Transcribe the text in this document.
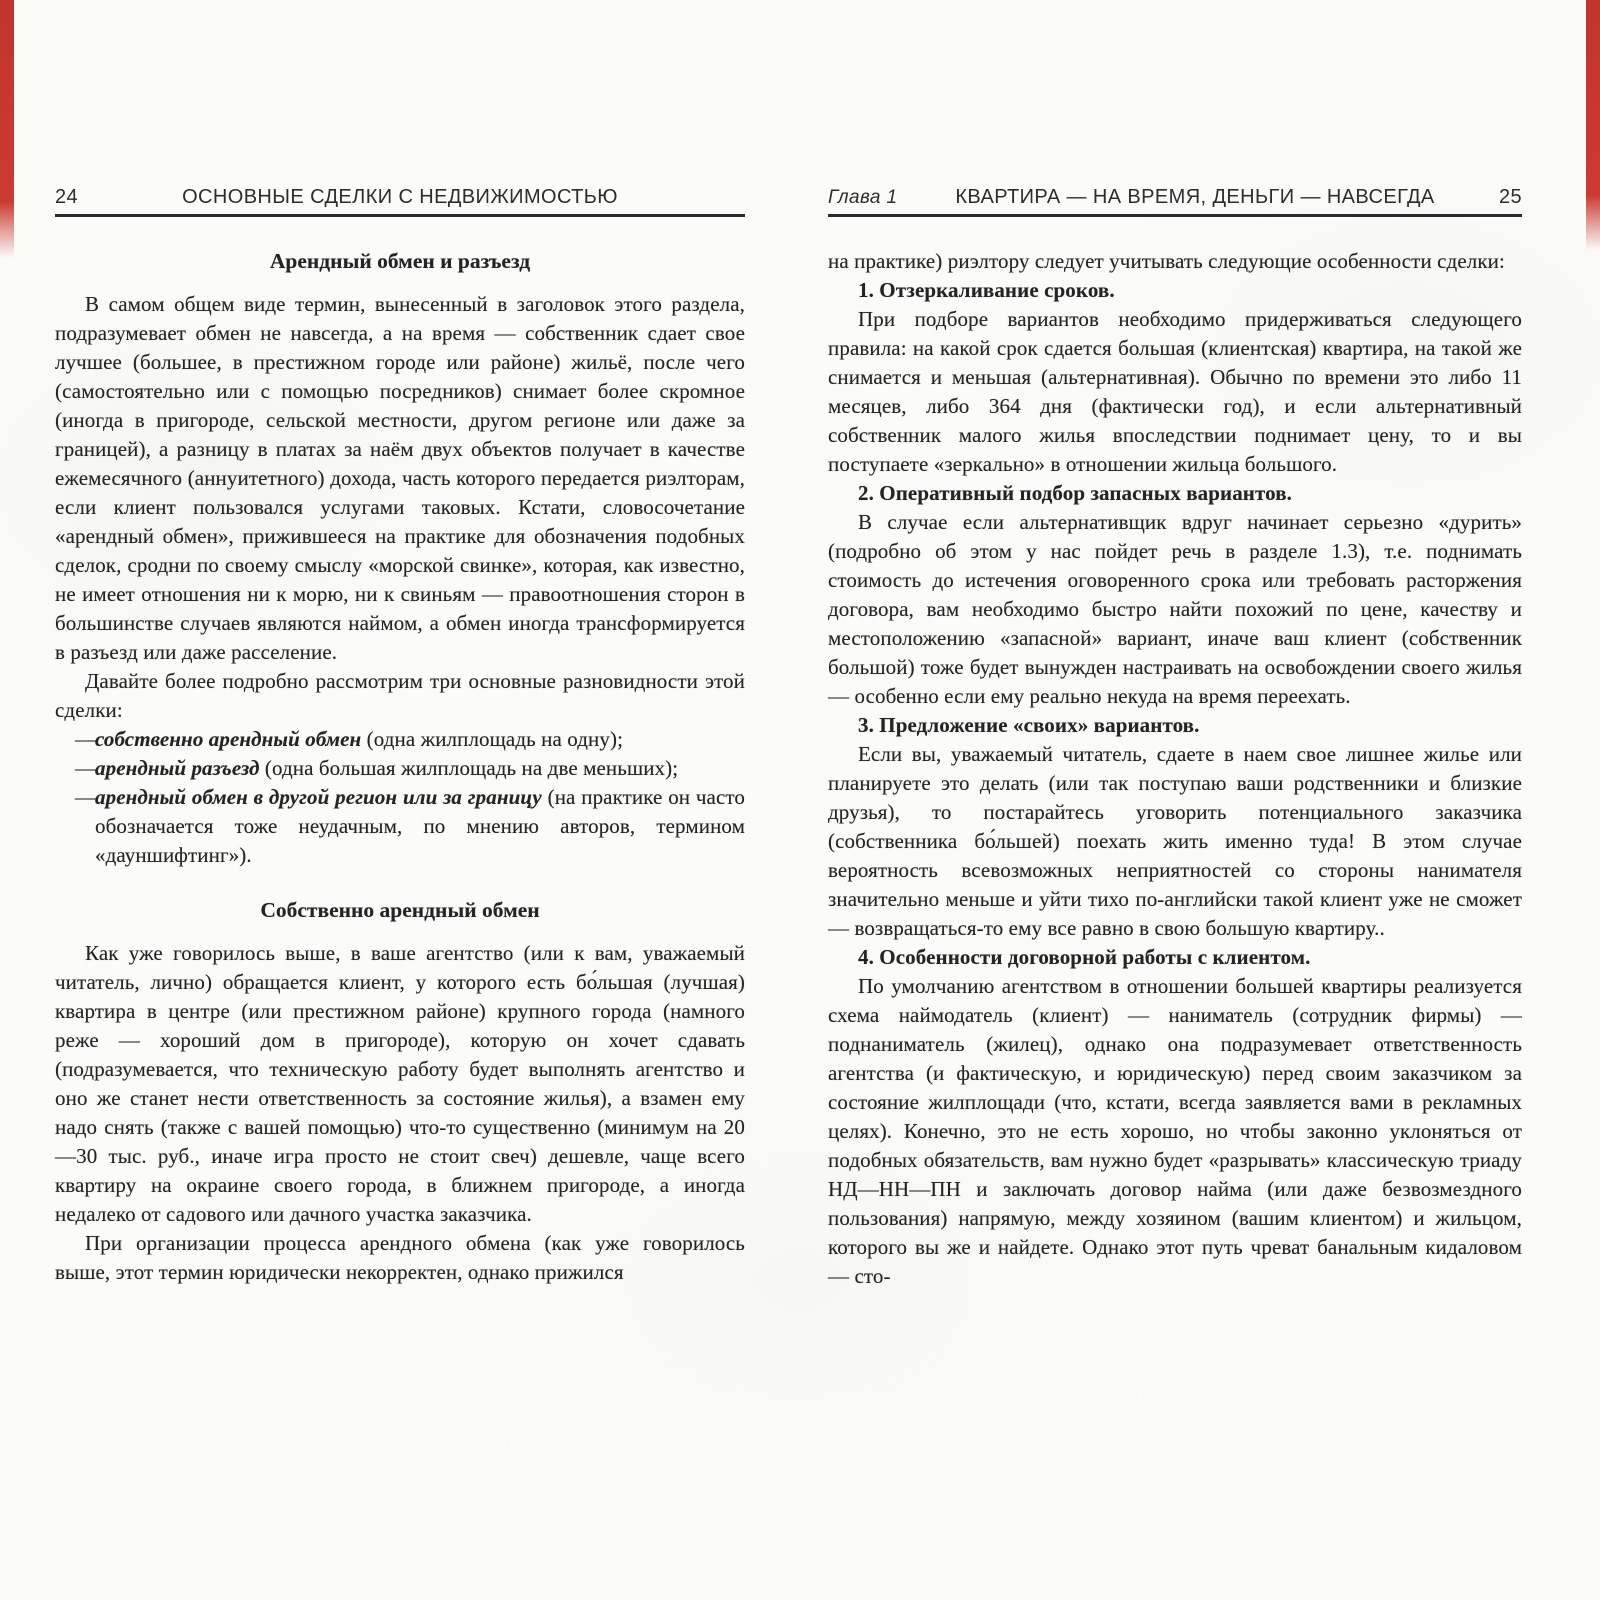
24	ОСНОВНЫЕ СДЕЛКИ С НЕДВИЖИМОСТЬЮ
Арендный обмен и разъезд

В самом общем виде термин, вынесенный в заголовок этого раздела, подразумевает обмен не навсегда, а на время — собственник сдает свое лучшее (большее, в престижном городе или районе) жильё, после чего (самостоятельно или с помощью посредников) снимает более скромное (иногда в пригороде, сельской местности, другом регионе или даже за границей), а разницу в платах за наём двух объектов получает в качестве ежемесячного (аннуитетного) дохода, часть которого передается риэлторам, если клиент пользовался услугами таковых. Кстати, словосочетание «арендный обмен», прижившееся на практике для обозначения подобных сделок, сродни по своему смыслу «морской свинке», которая, как известно, не имеет отношения ни к морю, ни к свиньям — правоотношения сторон в большинстве случаев являются наймом, а обмен иногда трансформируется в разъезд или даже расселение.

Давайте более подробно рассмотрим три основные разновидности этой сделки:

—
собственно арендный обмен (одна жилплощадь на одну);
—
арендный разъезд (одна большая жилплощадь на две меньших);
—
арендный обмен в другой регион или за границу (на практике он часто обозначается тоже неудачным, по мнению авторов, термином «дауншифтинг»).
Собственно арендный обмен

Как уже говорилось выше, в ваше агентство (или к вам, уважаемый читатель, лично) обращается клиент, у которого есть бо́льшая (лучшая) квартира в центре (или престижном районе) крупного города (намного реже — хороший дом в пригороде), которую он хочет сдавать (подразумевается, что техническую работу будет выполнять агентство и оно же станет нести ответственность за состояние жилья), а взамен ему надо снять (также с вашей помощью) что-то существенно (минимум на 20—30 тыс. руб., иначе игра просто не стоит свеч) дешевле, чаще всего квартиру на окраине своего города, в ближнем пригороде, а иногда недалеко от садового или дачного участка заказчика.

При организации процесса арендного обмена (как уже говорилось выше, этот термин юридически некорректен, однако прижился

Глава 1	КВАРТИРА — НА ВРЕМЯ, ДЕНЬГИ — НАВСЕГДА	25

на практике) риэлтору следует учитывать следующие особенности сделки:

1. Отзеркаливание сроков.

При подборе вариантов необходимо придерживаться следующего правила: на какой срок сдается большая (клиентская) квартира, на такой же снимается и меньшая (альтернативная). Обычно по времени это либо 11 месяцев, либо 364 дня (фактически год), и если альтернативный собственник малого жилья впоследствии поднимает цену, то и вы поступаете «зеркально» в отношении жильца большого.

2. Оперативный подбор запасных вариантов.

В случае если альтернативщик вдруг начинает серьезно «дурить» (подробно об этом у нас пойдет речь в разделе 1.3), т.е. поднимать стоимость до истечения оговоренного срока или требовать расторжения договора, вам необходимо быстро найти похожий по цене, качеству и местоположению «запасной» вариант, иначе ваш клиент (собственник большой) тоже будет вынужден настраивать на освобождении своего жилья — особенно если ему реально некуда на время переехать.

3. Предложение «своих» вариантов.

Если вы, уважаемый читатель, сдаете в наем свое лишнее жилье или планируете это делать (или так поступаю ваши родственники и близкие друзья), то постарайтесь уговорить потенциального заказчика (собственника бо́льшей) поехать жить именно туда! В этом случае вероятность всевозможных неприятностей со стороны нанимателя значительно меньше и уйти тихо по-английски такой клиент уже не сможет — возвращаться-то ему все равно в свою большую квартиру..

4. Особенности договорной работы с клиентом.

По умолчанию агентством в отношении большей квартиры реализуется схема наймодатель (клиент) — наниматель (сотрудник фирмы) — поднаниматель (жилец), однако она подразумевает ответственность агентства (и фактическую, и юридическую) перед своим заказчиком за состояние жилплощади (что, кстати, всегда заявляется вами в рекламных целях). Конечно, это не есть хорошо, но чтобы законно уклоняться от подобных обязательств, вам нужно будет «разрывать» классическую триаду НД—НН—ПН и заключать договор найма (или даже безвозмездного пользования) напрямую, между хозяином (вашим клиентом) и жильцом, которого вы же и найдете. Однако этот путь чреват банальным кидаловом — сто-
